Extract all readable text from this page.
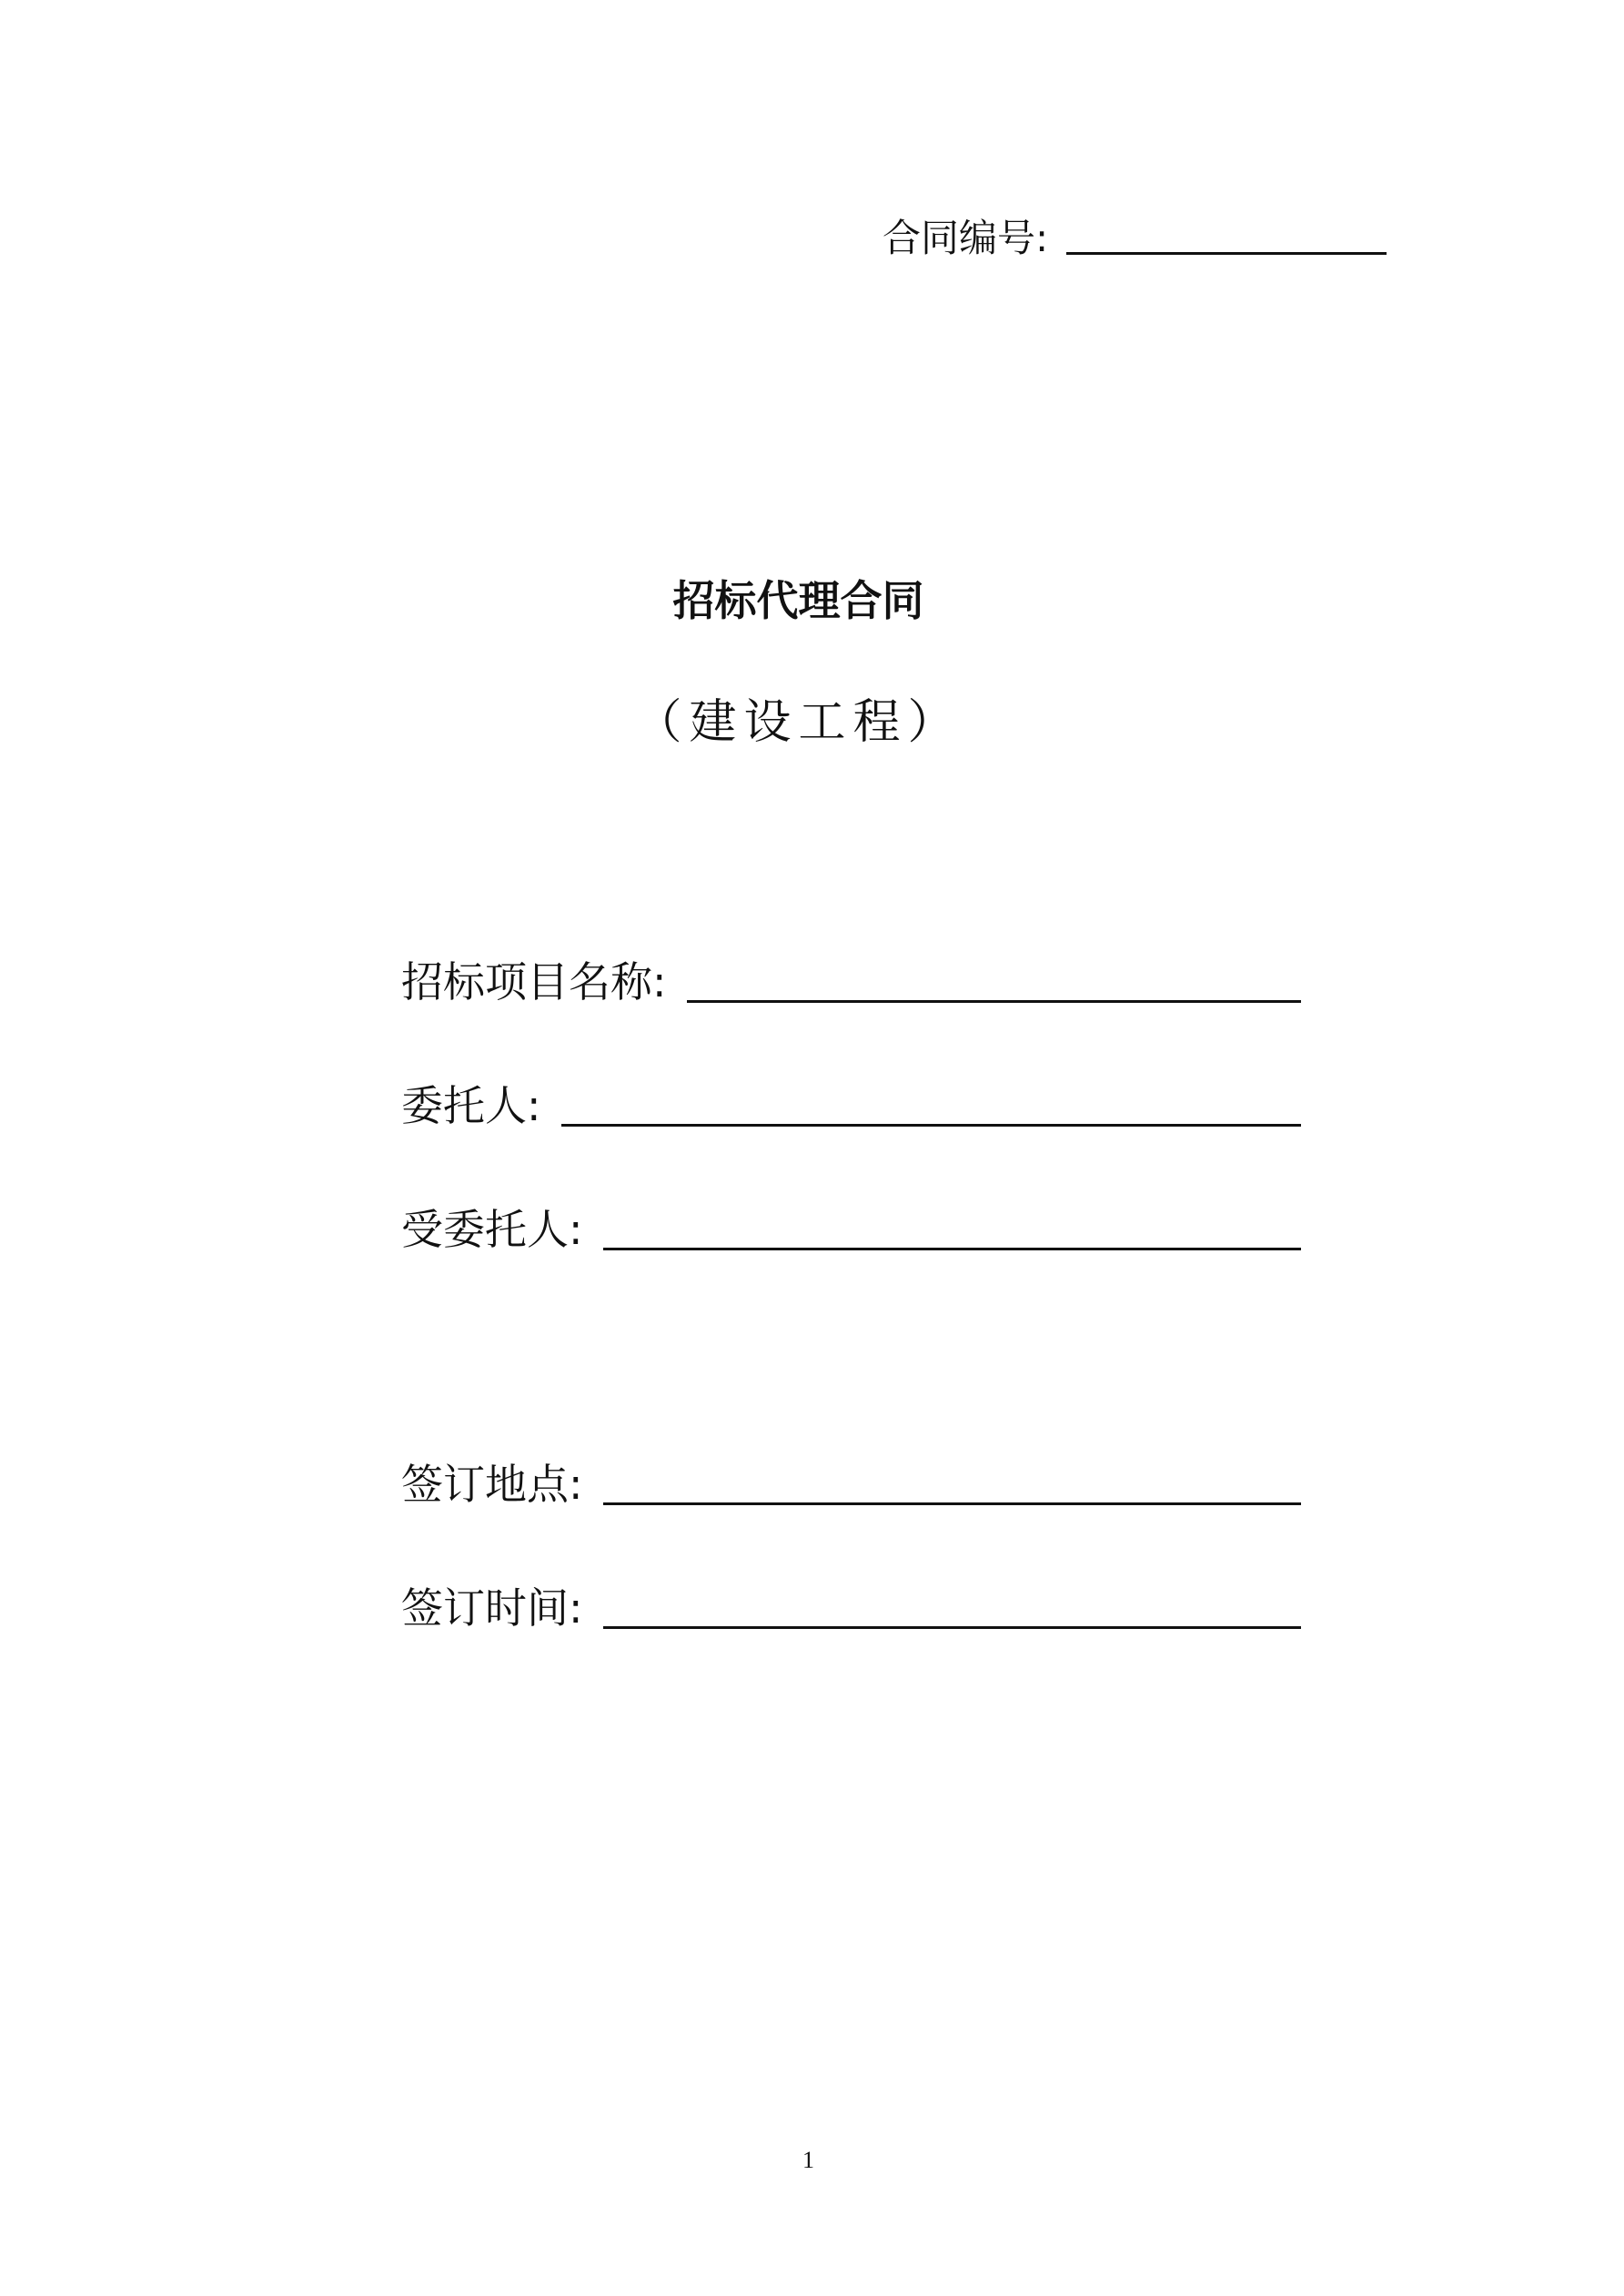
合同编号:
招标代理合同
（建设工程）
招标项目名称:
委托人:
受委托人:
签订地点:
签订时间:
1
